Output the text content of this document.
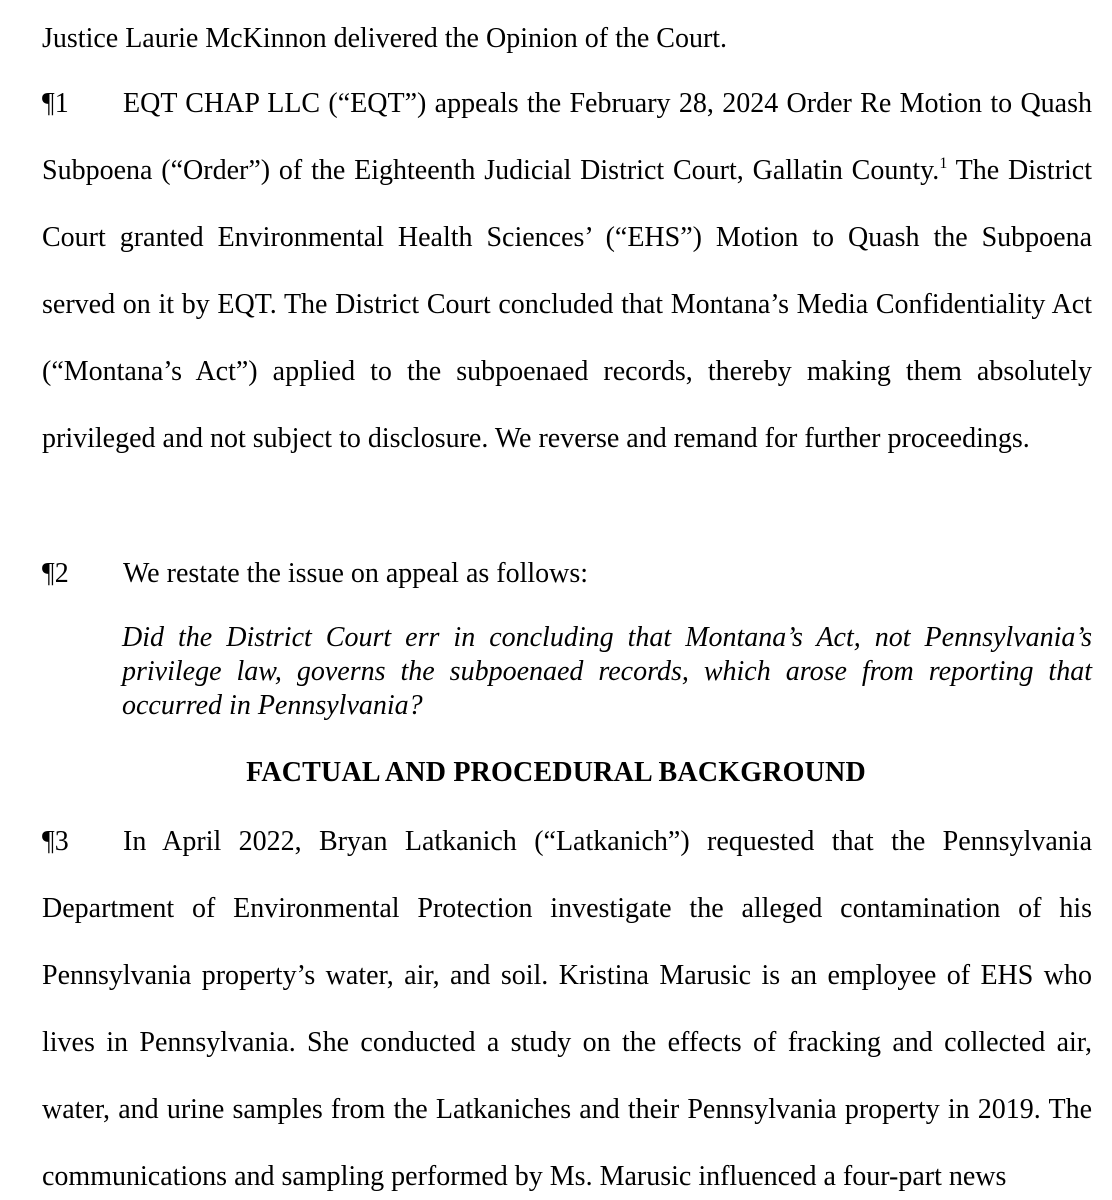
Justice Laurie McKinnon delivered the Opinion of the Court.
¶1 EQT CHAP LLC (“EQT”) appeals the February 28, 2024 Order Re Motion to Quash Subpoena (“Order”) of the Eighteenth Judicial District Court, Gallatin County.$^1$ The District Court granted Environmental Health Sciences’ (“EHS”) Motion to Quash the Subpoena served on it by EQT. The District Court concluded that Montana’s Media Confidentiality Act (“Montana’s Act”) applied to the subpoenaed records, thereby making them absolutely privileged and not subject to disclosure. We reverse and remand for further proceedings.
¶2 We restate the issue on appeal as follows:
Did the District Court err in concluding that Montana’s Act, not Pennsylvania’s privilege law, governs the subpoenaed records, which arose from reporting that occurred in Pennsylvania?
FACTUAL AND PROCEDURAL BACKGROUND
¶3 In April 2022, Bryan Latkanich (“Latkanich”) requested that the Pennsylvania Department of Environmental Protection investigate the alleged contamination of his Pennsylvania property’s water, air, and soil. Kristina Marusic is an employee of EHS who lives in Pennsylvania. She conducted a study on the effects of fracking and collected air, water, and urine samples from the Latkaniches and their Pennsylvania property in 2019. The communications and sampling performed by Ms. Marusic influenced a four-part news
